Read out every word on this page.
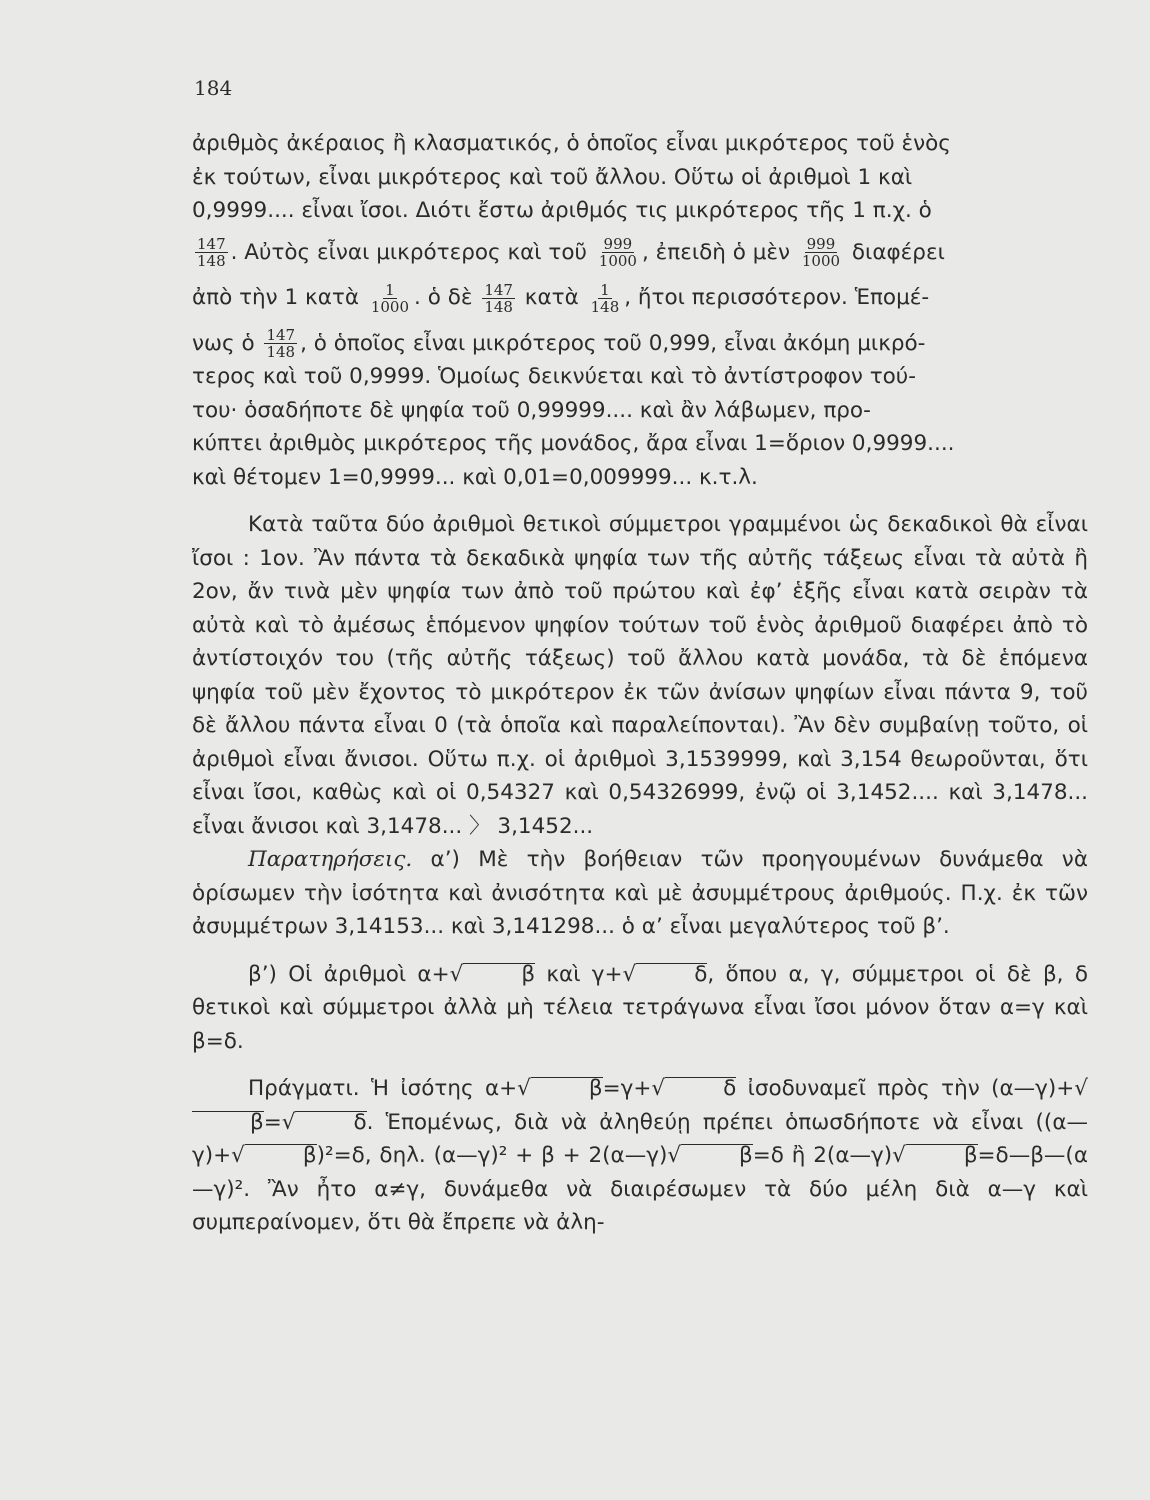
184

ἀριθμὸς ἀκέραιος ἢ κλασματικός, ὁ ὁποῖος εἶναι μικρότερος τοῦ ἑνὸς

ἐκ τούτων, εἶναι μικρότερος καὶ τοῦ ἄλλου. Οὕτω οἱ ἀριθμοὶ 1 καὶ

0,9999.... εἶναι ἴσοι. Διότι ἔστω ἀριθμός τις μικρότερος τῆς 1 π.χ. ὁ

$\frac{147}{148}$ . Αὐτὸς εἶναι μικρότερος καὶ τοῦ $\frac{999}{1000}$ , ἐπειδὴ ὁ μὲν $\frac{999}{1000}$ διαφέρει

ἀπὸ τὴν 1 κατὰ $\frac{1}{1000}$ . ὁ δὲ $\frac{147}{148}$ κατὰ $\frac{1}{148}$ , ἤτοι περισσότερον. Ἑπομέ-

νως ὁ $\frac{147}{148}$ , ὁ ὁποῖος εἶναι μικρότερος τοῦ 0,999, εἶναι ἀκόμη μικρό-

τερος καὶ τοῦ 0,9999. Ὁμοίως δεικνύεται καὶ τὸ ἀντίστροφον τού-

του· ὁσαδήποτε δὲ ψηφία τοῦ 0,99999.... καὶ ἂν λάβωμεν, προ-

κύπτει ἀριθμὸς μικρότερος τῆς μονάδος, ἄρα εἶναι 1=ὅριον 0,9999....

καὶ θέτομεν 1=0,9999... καὶ 0,01=0,009999... κ.τ.λ.

Κατὰ ταῦτα δύο ἀριθμοὶ θετικοὶ σύμμετροι γραμμένοι ὡς δεκαδικοὶ θὰ εἶναι ἴσοι : 1ον. Ἂν πάντα τὰ δεκαδικὰ ψηφία των τῆς αὐτῆς τάξεως εἶναι τὰ αὐτὰ ἢ 2ον, ἄν τινὰ μὲν ψηφία των ἀπὸ τοῦ πρώτου καὶ ἐφ’ ἑξῆς εἶναι κατὰ σειρὰν τὰ αὐτὰ καὶ τὸ ἀμέσως ἑπόμενον ψηφίον τούτων τοῦ ἑνὸς ἀριθμοῦ διαφέρει ἀπὸ τὸ ἀντίστοιχόν του (τῆς αὐτῆς τάξεως) τοῦ ἄλλου κατὰ μονάδα, τὰ δὲ ἑπόμενα ψηφία τοῦ μὲν ἔχοντος τὸ μικρότερον ἐκ τῶν ἀνίσων ψηφίων εἶναι πάντα 9, τοῦ δὲ ἄλλου πάντα εἶναι 0 (τὰ ὁποῖα καὶ παραλείπονται). Ἂν δὲν συμβαίνῃ τοῦτο, οἱ ἀριθμοὶ εἶναι ἄνισοι. Οὕτω π.χ. οἱ ἀριθμοὶ 3,1539999, καὶ 3,154 θεωροῦνται, ὅτι εἶναι ἴσοι, καθὼς καὶ οἱ 0,54327 καὶ 0,54326999, ἐνῷ οἱ 3,1452.... καὶ 3,1478... εἶναι ἄνισοι καὶ 3,1478... 〉 3,1452...

Παρατηρήσεις. α’) Μὲ τὴν βοήθειαν τῶν προηγουμένων δυνάμεθα νὰ ὁρίσωμεν τὴν ἰσότητα καὶ ἀνισότητα καὶ μὲ ἀσυμμέτρους ἀριθμούς. Π.χ. ἐκ τῶν ἀσυμμέτρων 3,14153... καὶ 3,141298... ὁ α’ εἶναι μεγαλύτερος τοῦ β’.

β’) Οἱ ἀριθμοὶ α+√	β καὶ γ+√	δ, ὅπου α, γ, σύμμετροι οἱ δὲ β, δ θετικοὶ καὶ σύμμετροι ἀλλὰ μὴ τέλεια τετράγωνα εἶναι ἴσοι μόνον ὅταν α=γ καὶ β=δ.

Πράγματι. Ἡ ἰσότης α+√	β=γ+√	δ ἰσοδυναμεῖ πρὸς τὴν (α—γ)+√β=√	δ. Ἑπομένως, διὰ νὰ ἀληθεύῃ πρέπει ὁπωσδήποτε νὰ εἶναι ((α—γ)+√	β)²=δ, δηλ. (α—γ)² + β + 2(α—γ)√	β=δ ἢ 2(α—γ)√	β=δ—β—(α—γ)². Ἂν ἦτο α≠γ, δυνάμεθα νὰ διαιρέσωμεν τὰ δύο μέλη διὰ α—γ καὶ συμπεραίνομεν, ὅτι θὰ ἔπρεπε νὰ ἀλη-
